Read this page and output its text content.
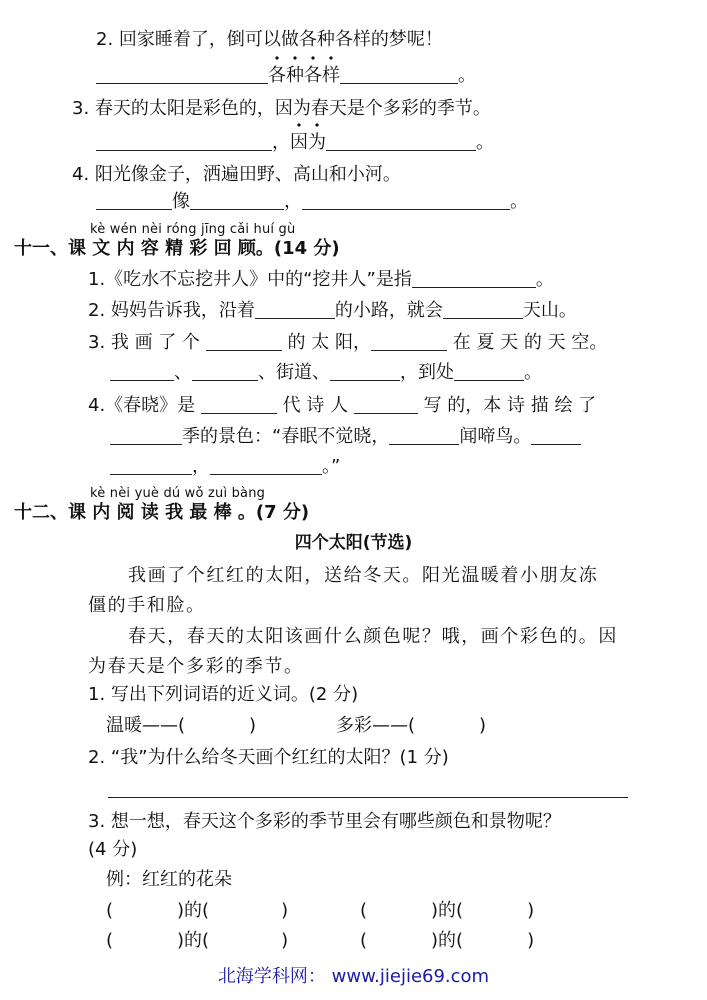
2. 回家睡着了，倒可以做各种各样的梦呢！
各种各样	。
3. 春天的太阳是彩色的，因为春天是个多彩的季节。
，
因为	。
4. 阳光像金子，洒遍田野、高山和小河。
像	，	。
kè wén nèi róng jīng cǎi huí gù
十一、课 文 内 容 精 彩 回 顾。(14 分)
1.《吃水不忘挖井人》中的“挖井人”是指	。
2. 妈妈告诉我，沿着	的小路，就会	天山。
3. 我 画 了 个	的 太 阳，	在 夏 天 的 天 空。
、	、街道、	，到处	。
4.《春晓》是	代 诗 人	写 的，本 诗 描 绘 了
季的景色：“春眠不觉晓，	闻啼鸟。
，	。”
kè nèi yuè dú wǒ zuì bàng
十二、课 内 阅 读 我 最 棒 。(7 分)
四个太阳(节选)
我画了个红红的太阳，送给冬天。阳光温暖着小朋友冻
僵的手和脸。
春天，春天的太阳该画什么颜色呢？哦，画个彩色的。因
为春天是个多彩的季节。
1. 写出下列词语的近义词。(2 分)
温暖——(	)	多彩——(	)
2. “我”为什么给冬天画个红红的太阳？(1 分)
3. 想一想，春天这个多彩的季节里会有哪些颜色和景物呢？
(4 分)
例：红红的花朵
(	)的(	)	(	)的(	)
(	)的(	)	(	)的(	)
北海学科网： www.jiejie69.com
